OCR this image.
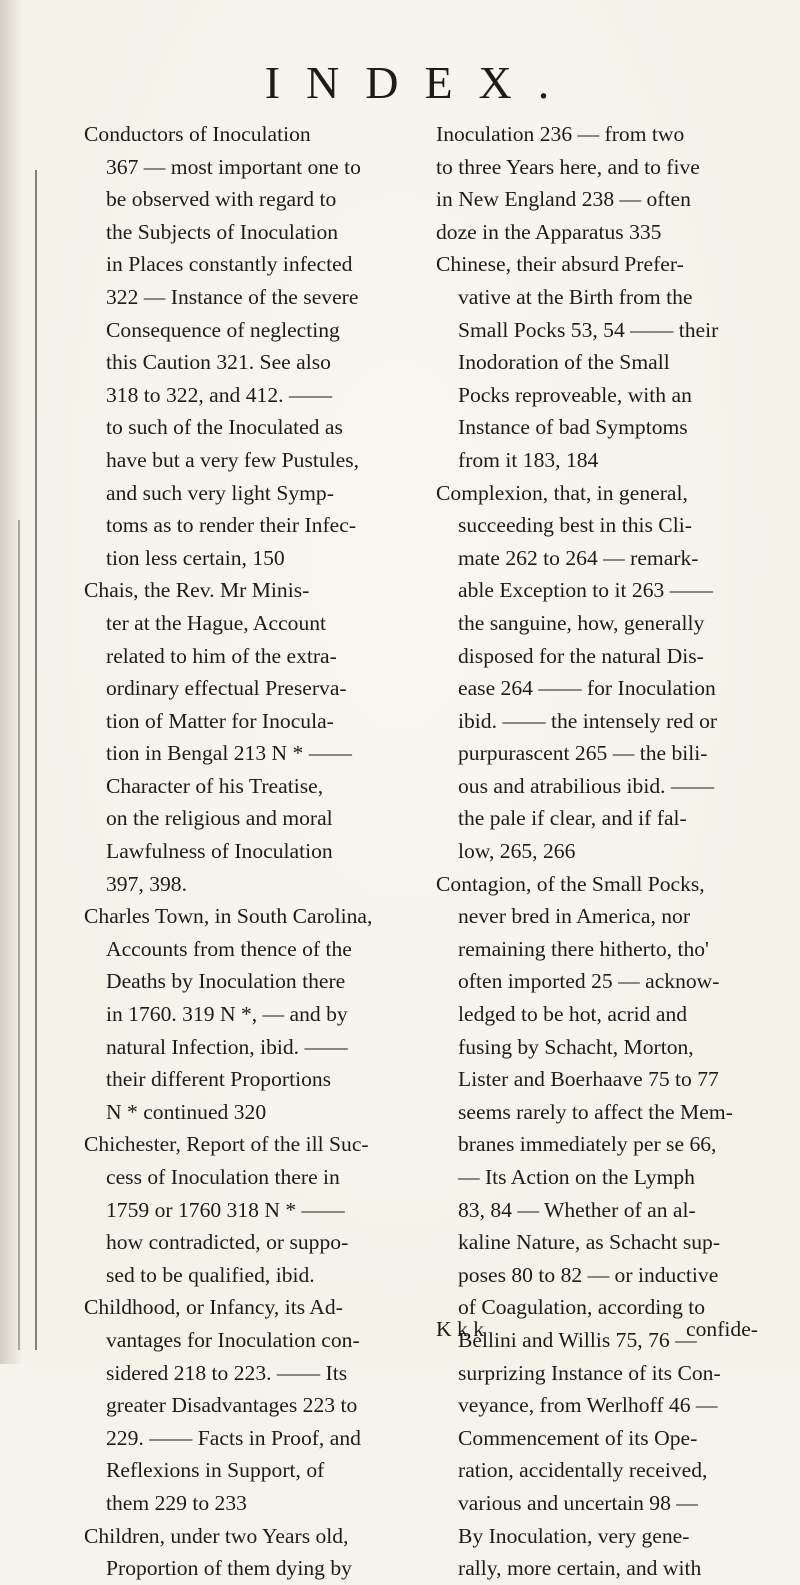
INDEX.
Conductors of Inoculation
367 — most important one to
be observed with regard to
the Subjects of Inoculation
in Places constantly infected
322 — Instance of the severe
Consequence of neglecting
this Caution 321. See also
318 to 322, and 412. ——
to such of the Inoculated as
have but a very few Pustules,
and such very light Symp-
toms as to render their Infec-
tion less certain, 150
Chais, the Rev. Mr Minis-
ter at the Hague, Account
related to him of the extra-
ordinary effectual Preserva-
tion of Matter for Inocula-
tion in Bengal 213 N * ——
Character of his Treatise,
on the religious and moral
Lawfulness of Inoculation
397, 398.
Charles Town, in South Carolina,
Accounts from thence of the
Deaths by Inoculation there
in 1760. 319 N *, — and by
natural Infection, ibid. ——
their different Proportions
N * continued 320
Chichester, Report of the ill Suc-
cess of Inoculation there in
1759 or 1760 318 N * ——
how contradicted, or suppo-
sed to be qualified, ibid.
Childhood, or Infancy, its Ad-
vantages for Inoculation con-
sidered 218 to 223. —— Its
greater Disadvantages 223 to
229. —— Facts in Proof, and
Reflexions in Support, of
them 229 to 233
Children, under two Years old,
Proportion of them dying by
Inoculation 236 — from two
to three Years here, and to five
in New England 238 — often
doze in the Apparatus 335
Chinese, their absurd Prefer-
vative at the Birth from the
Small Pocks 53, 54 —— their
Inodoration of the Small
Pocks reproveable, with an
Instance of bad Symptoms
from it 183, 184
Complexion, that, in general,
succeeding best in this Cli-
mate 262 to 264 — remark-
able Exception to it 263 ——
the sanguine, how, generally
disposed for the natural Dis-
ease 264 —— for Inoculation
ibid. —— the intensely red or
purpurascent 265 — the bili-
ous and atrabilious ibid. ——
the pale if clear, and if fal-
low, 265, 266
Contagion, of the Small Pocks,
never bred in America, nor
remaining there hitherto, tho'
often imported 25 — acknow-
ledged to be hot, acrid and
fusing by Schacht, Morton,
Lister and Boerhaave 75 to 77
seems rarely to affect the Mem-
branes immediately per se 66,
— Its Action on the Lymph
83, 84 — Whether of an al-
kaline Nature, as Schacht sup-
poses 80 to 82 — or inductive
of Coagulation, according to
Bellini and Willis 75, 76 —
surprizing Instance of its Con-
veyance, from Werlhoff 46 —
Commencement of its Ope-
ration, accidentally received,
various and uncertain 98 —
By Inoculation, very gene-
rally, more certain, and with
K k k	confide-
